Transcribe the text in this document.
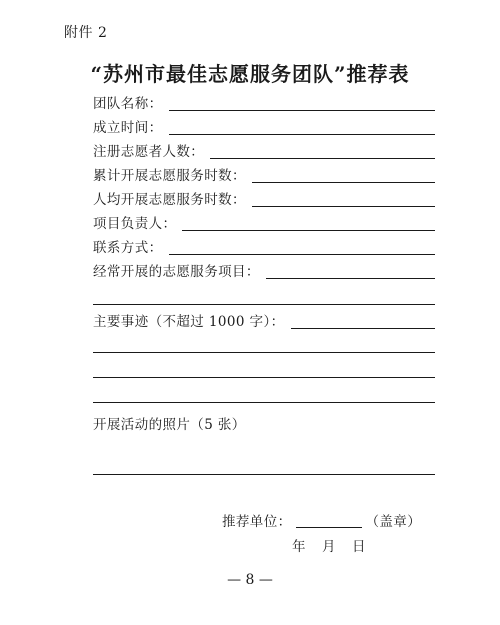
附件 2
“苏州市最佳志愿服务团队”推荐表
团队名称：
成立时间：
注册志愿者人数：
累计开展志愿服务时数：
人均开展志愿服务时数：
项目负责人：
联系方式：
经常开展的志愿服务项目：
主要事迹（不超过 1000 字）：
开展活动的照片（5 张）
推荐单位：	（盖章）
年 月 日
— 8 —
